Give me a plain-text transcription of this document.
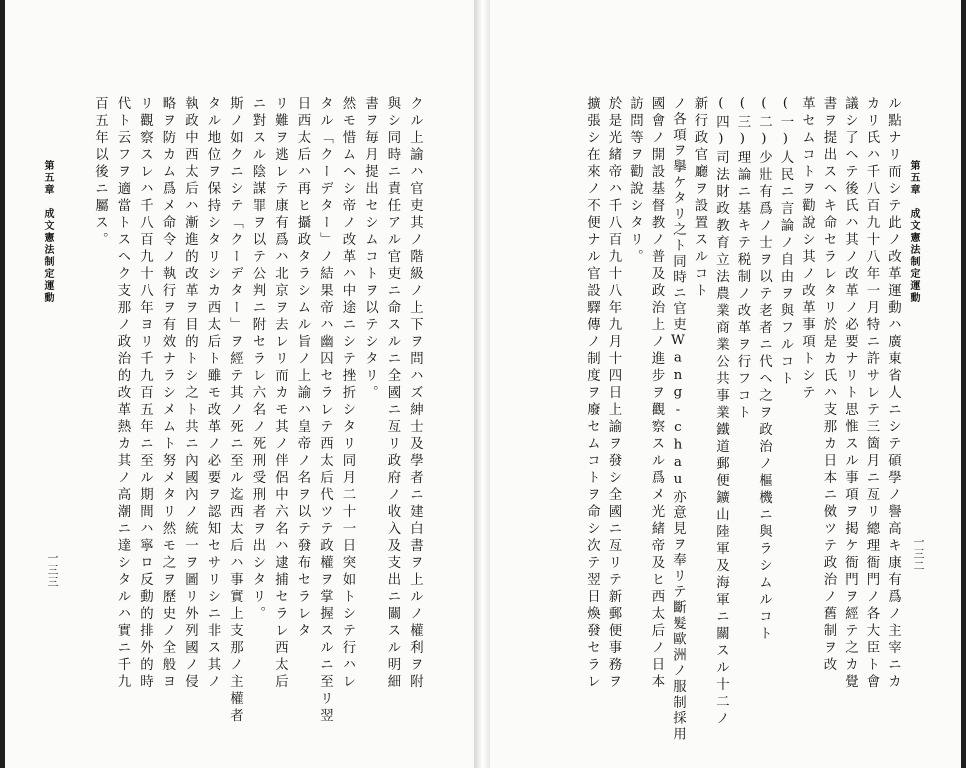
クル上諭ハ官吏其ノ階級ノ上下ヲ問ハズ紳士及學者ニ建白書ヲ上ルノ權利ヲ附
與シ同時ニ責任アル官吏ニ命スルニ全國ニ亙リ政府ノ收入及支出ニ關スル明細
書ヲ毎月提出セシムコトヲ以テシタリ。
然モ惜ムヘシ帝ノ改革ハ中途ニシテ挫折シタリ同月二十一日突如トシテ行ハレ
タル「クーデター」ノ結果帝ハ幽囚セラレテ西太后代ツテ政權ヲ掌握スルニ至リ翌
日西太后ハ再ヒ攝政タラシムル旨ノ上諭ハ皇帝ノ名ヲ以テ發布セラレタ
リ難ヲ逃レテ康有爲ハ北京ヲ去レリ而カモ其ノ伴侶中六名ハ逮捕セラレ西太后
ニ對スル陰謀罪ヲ以テ公判ニ附セラレ六名ノ死刑受刑者ヲ出シタリ。
斯ノ如クニシテ「クーデター」ヲ經テ其ノ死ニ至ル迄西太后ハ事實上支那ノ主權者
タル地位ヲ保持シタリシカ西太后ト雖モ改革ノ必要ヲ認知セサリシニ非ス其ノ
執政中西太后ハ漸進的改革ヲ目的トシ之ト共ニ內國內ノ統一ヲ圖リ外列國ノ侵
略ヲ防カム爲メ命令ノ執行ヲ有效ナラシメムト努メタリ然モ之ヲ歷史ノ全般ヨ
リ觀察スレハ千八百九十八年ヨリ千九百五年ニ至ル期間ハ寧ロ反動的排外的時
代ト云フヲ適當トスヘク支那ノ政治的改革熱カ其ノ高潮ニ達シタルハ實ニ千九
百五年以後ニ屬ス。
第五章　成文憲法制定運動
一三三	ル點ナリ而シテ此ノ改革運動ハ廣東省人ニシテ碩學ノ譽高キ康有爲ノ主宰ニカ
カリ氏ハ千八百九十八年一月特ニ許サレテ三箇月ニ亙リ總理衙門ノ各大臣ト會
議シ了ヘテ後氏ハ其ノ改革ノ必要ナリト思惟スル事項ヲ掲ケ衙門ヲ經テ之カ覺
書ヲ提出スヘキ命セラレタリ於是カ氏ハ支那カ日本ニ傚ツテ政治ノ舊制ヲ改
革セムコトヲ勸說シ其ノ改革事項トシテ
(一)人民ニ言論ノ自由ヲ與フルコト
(二)少壯有爲ノ士ヲ以テ老者ニ代ヘ之ヲ政治ノ樞機ニ與ラシムルコト
(三)理論ニ基キテ税制ノ改革ヲ行フコト
(四)司法財政教育立法農業商業公共事業鐵道郵便鑛山陸軍及海軍ニ關スル十二ノ
新行政官廳ヲ設置スルコト
ノ各項ヲ擧ケタリ之ト同時ニ官吏Wang-chau亦意見ヲ奉リテ斷髮歐洲ノ服制採用
國會ノ開設基督教ノ普及政治上ノ進步ヲ觀察スル爲メ光緒帝及ヒ西太后ノ日本
訪問等ヲ勸說シタリ。
於是光緒帝ハ千八百九十八年九月十四日上諭ヲ發シ全國ニ亙リテ新郵便事務ヲ
擴張シ在來ノ不便ナル官設驛傳ノ制度ヲ廢セムコトヲ命シ次テ翌日煥發セラレ	第五章　成文憲法制定運動
一三二
